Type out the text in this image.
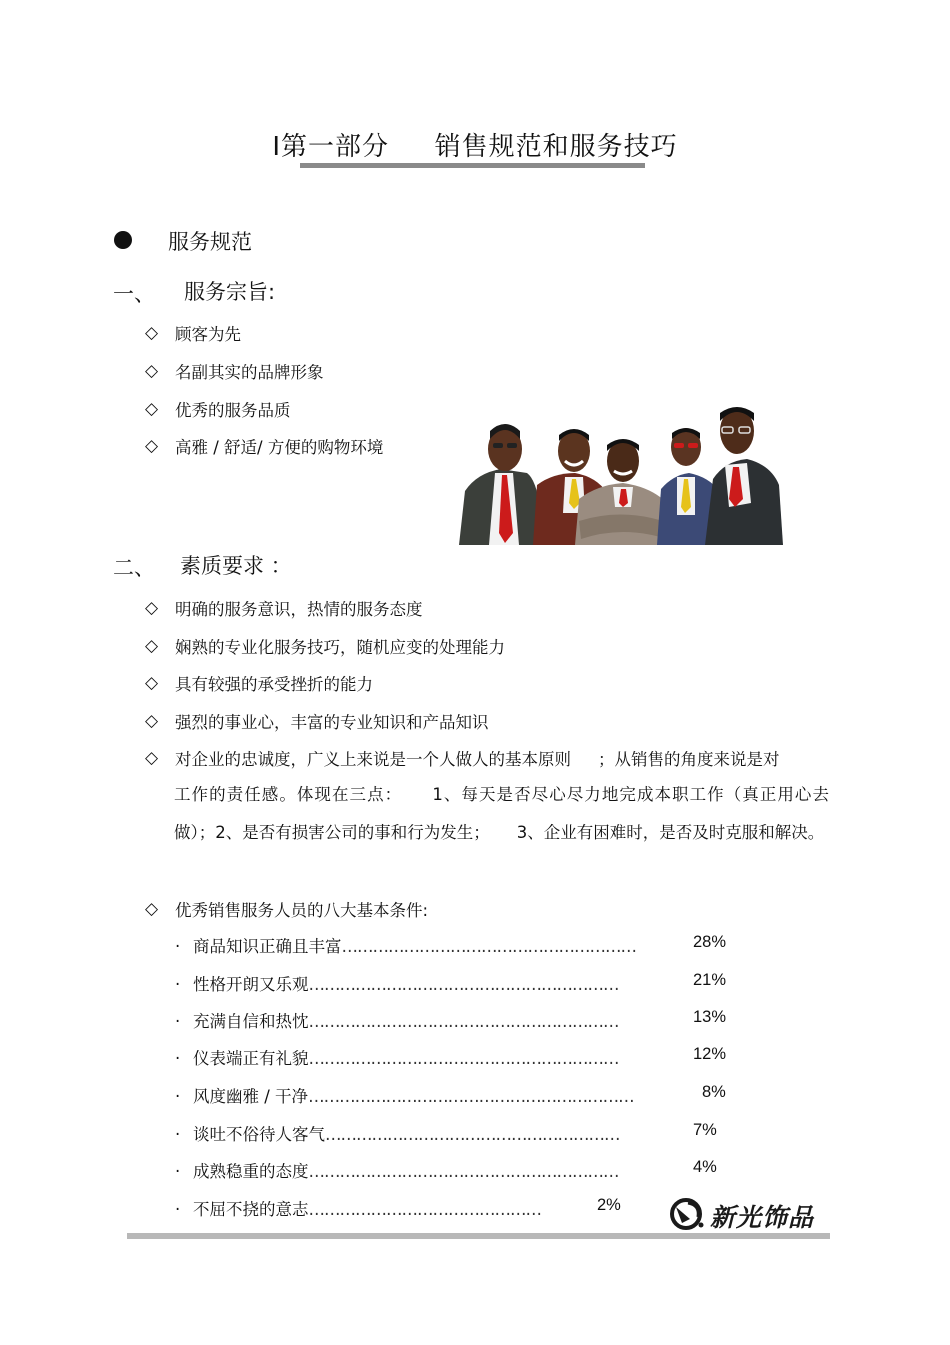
Ⅰ第一部分 　 销售规范和服务技巧
服务规范
一、 服务宗旨:
◇	顾客为先
◇	名副其实的品牌形象
◇	优秀的服务品质
◇	高雅 / 舒适/ 方便的购物环境
二、 素质要求 ：
◇	明确的服务意识，热情的服务态度
◇	娴熟的专业化服务技巧，随机应变的处理能力
◇	具有较强的承受挫折的能力
◇	强烈的事业心，丰富的专业知识和产品知识
◇	对企业的忠诚度，广义上来说是一个人做人的基本原则 　 ；从销售的角度来说是对
工作的责任感。体现在三点： 　 1、每天是否尽心尽力地完成本职工作（真正用心去做）；2、是否有损害公司的事和行为发生； 　 3、企业有困难时，是否及时克服和解决。
◇	优秀销售服务人员的八大基本条件:
· 商品知识正确且丰富 …………………………………………………	28%
· 性格开朗又乐观 ……………………………………………………	21%
· 充满自信和热忱 ……………………………………………………	13%
· 仪表端正有礼貌 ……………………………………………………	12%
· 风度幽雅 / 干净 ………………………………………………………	8%
· 谈吐不俗待人客气 …………………………………………………	7%
· 成熟稳重的态度 ……………………………………………………	4%
· 不屈不挠的意志 ………………………………………	2%	新光饰品
